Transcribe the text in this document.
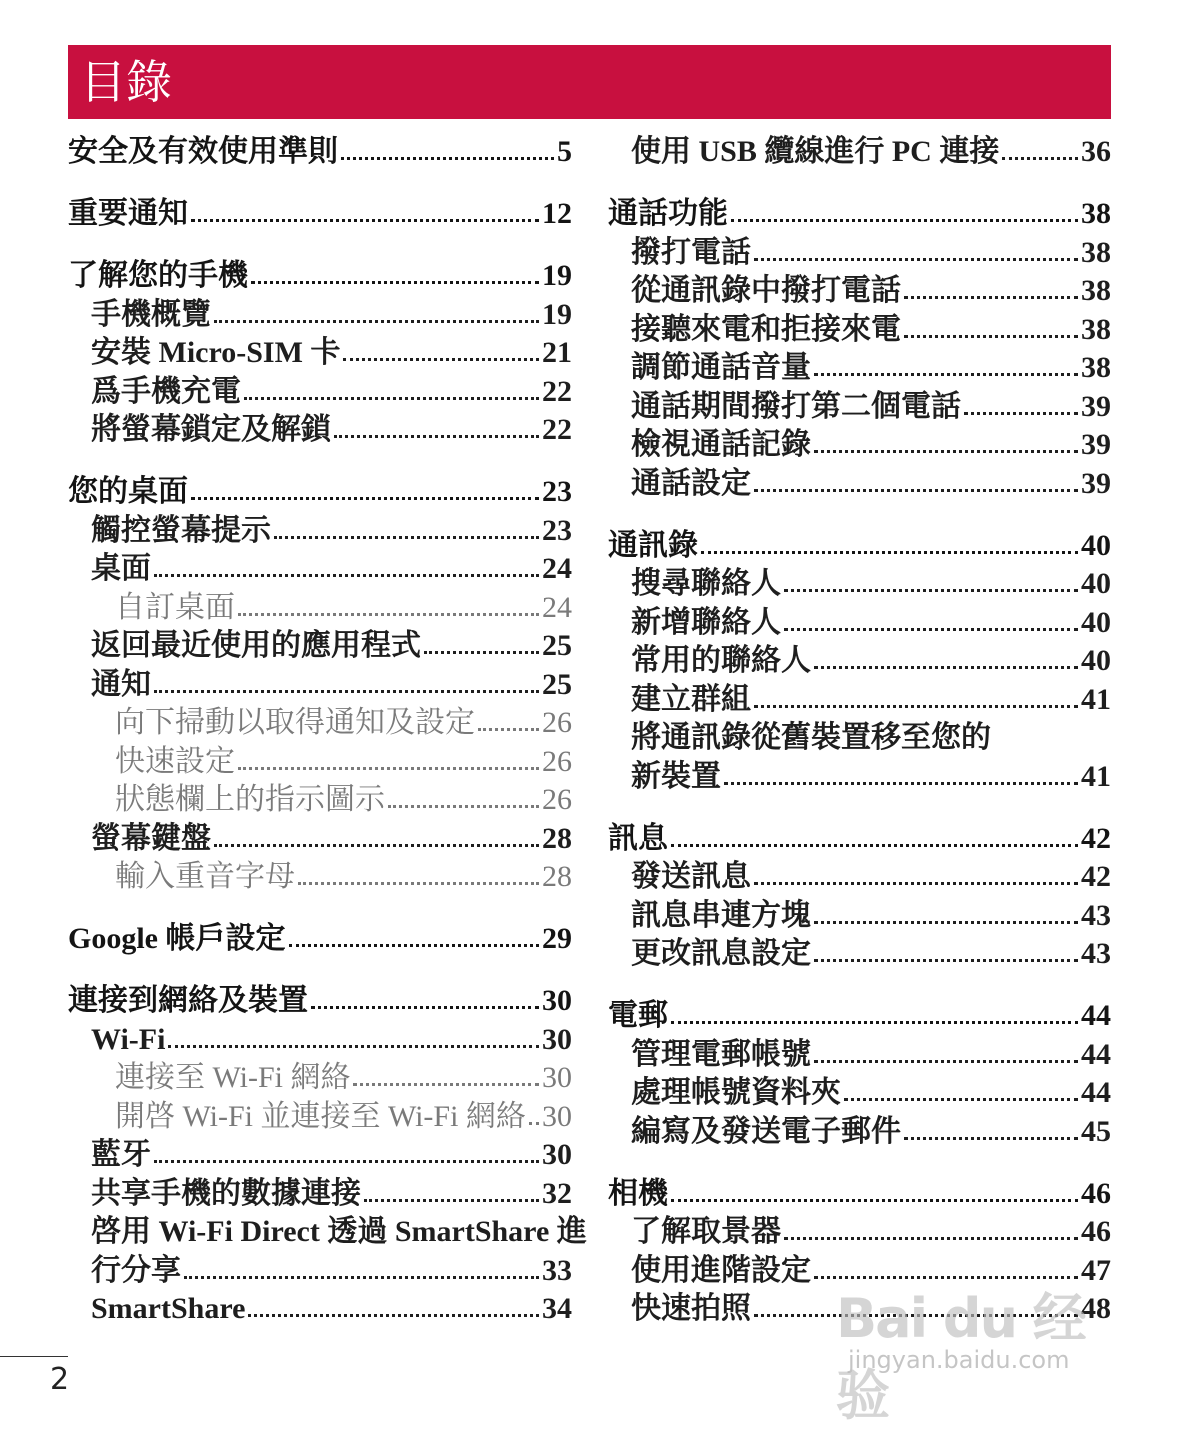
目錄
安全及有效使用準則	5
重要通知	12
了解您的手機	19
手機概覽	19
安裝 Micro-SIM 卡	21
爲手機充電	22
將螢幕鎖定及解鎖	22
您的桌面	23
觸控螢幕提示	23
桌面	24
自訂桌面	24
返回最近使用的應用程式	25
通知	25
向下掃動以取得通知及設定 26
快速設定	26
狀態欄上的指示圖示	26
螢幕鍵盤	28
輸入重音字母	28
Google 帳戶設定	29
連接到網絡及裝置	30
Wi-Fi	30
連接至 Wi-Fi 網絡	30
開啓 Wi-Fi 並連接至 Wi-Fi 網絡 30
藍牙	30
共享手機的數據連接	32
啓用 Wi-Fi Direct 透過 SmartShare 進
行分享	33
SmartShare	34
使用 USB 纜線進行 PC 連接	36
通話功能	38
撥打電話	38
從通訊錄中撥打電話	38
接聽來電和拒接來電	38
調節通話音量	38
通話期間撥打第二個電話	39
檢視通話記錄	39
通話設定	39
通訊錄	40
搜尋聯絡人	40
新增聯絡人	40
常用的聯絡人	40
建立群組	41
將通訊錄從舊裝置移至您的
新裝置	41
訊息	42
發送訊息	42
訊息串連方塊	43
更改訊息設定	43
電郵	44
管理電郵帳號	44
處理帳號資料夾	44
編寫及發送電子郵件	45
相機	46
了解取景器	46
使用進階設定	47
快速拍照	48
2
Bai du 经验
jingyan.baidu.com
